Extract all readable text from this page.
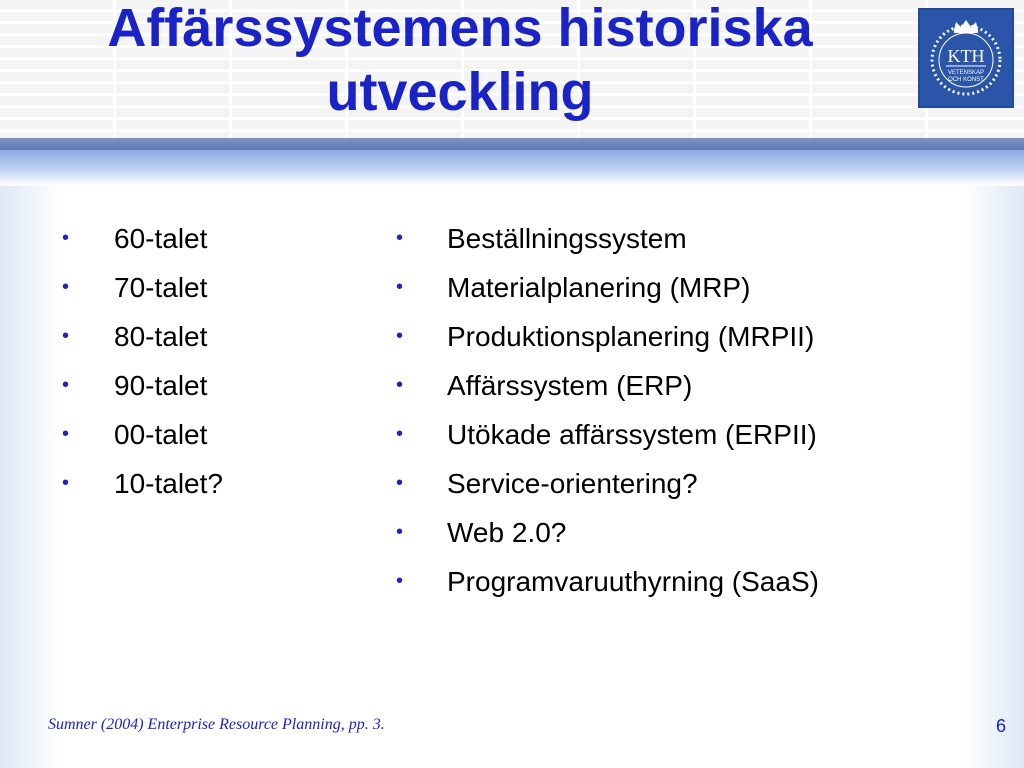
Affärssystemens historiska utveckling
KTH
VETENSKAP
OCH KONST
• 60-talet
• 70-talet
• 80-talet
• 90-talet
• 00-talet
• 10-talet?
• Beställningssystem
• Materialplanering (MRP)
• Produktionsplanering (MRPII)
• Affärssystem (ERP)
• Utökade affärssystem (ERPII)
• Service-orientering?
• Web 2.0?
• Programvaruuthyrning (SaaS)

Sumner (2004) Enterprise Resource Planning, pp. 3.	6
